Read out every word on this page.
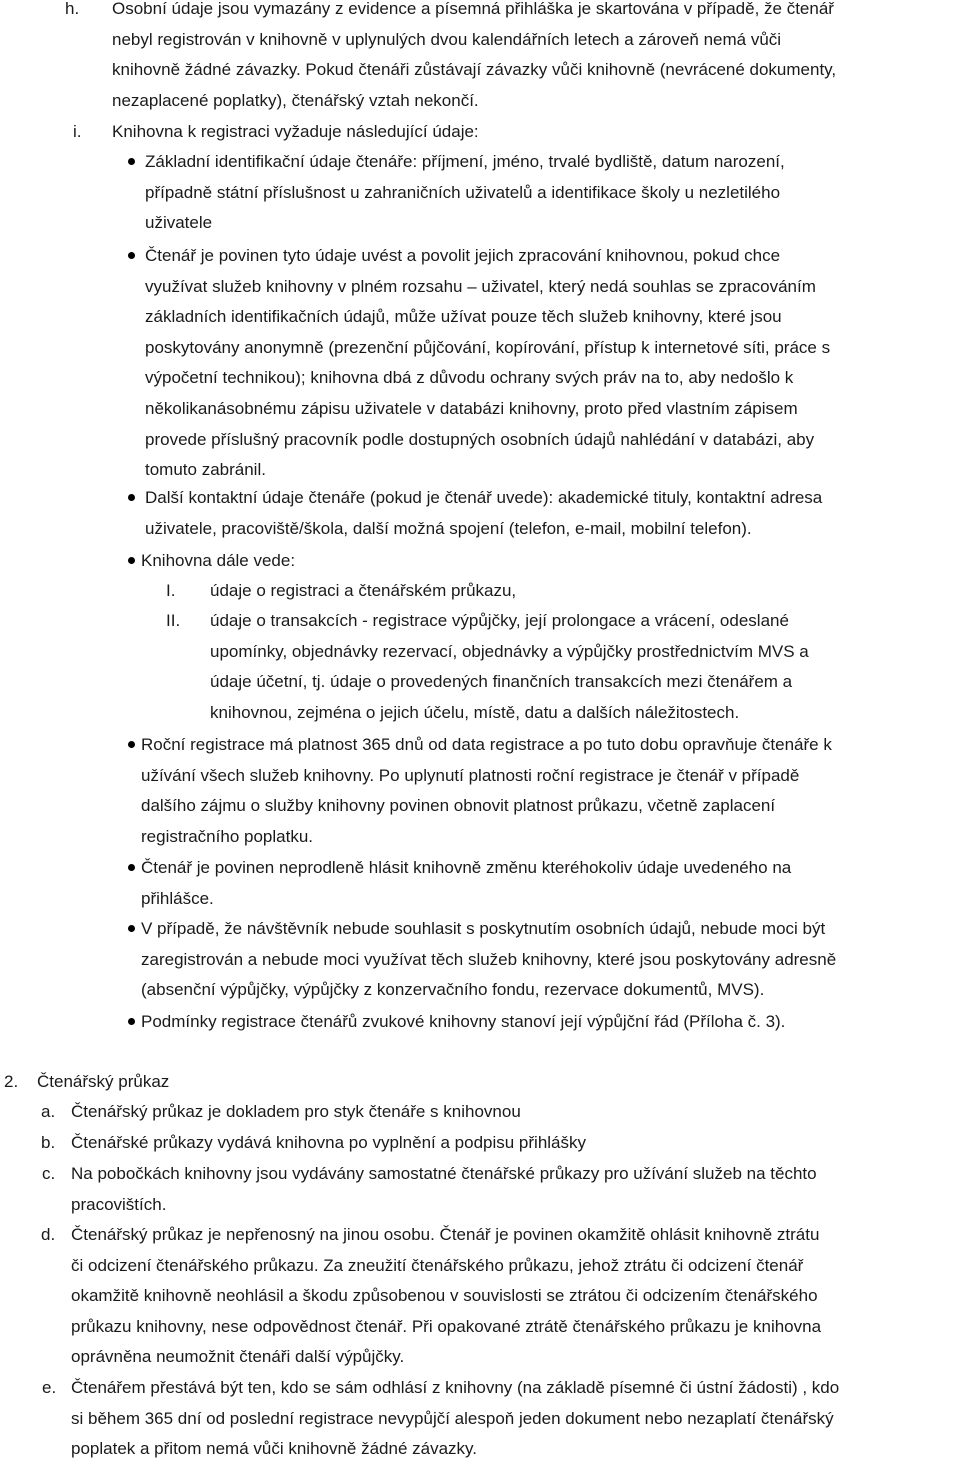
h. Osobní údaje jsou vymazány z evidence a písemná přihláška je skartována v případě, že čtenář
nebyl registrován v knihovně v uplynulých dvou kalendářních letech a zároveň nemá vůči
knihovně žádné závazky. Pokud čtenáři zůstávají závazky vůči knihovně (nevrácené dokumenty,
nezaplacené poplatky), čtenářský vztah nekončí.
i. Knihovna k registraci vyžaduje následující údaje:
Základní identifikační údaje čtenáře: příjmení, jméno, trvalé bydliště, datum narození,
případně státní příslušnost u zahraničních uživatelů a identifikace školy u nezletilého
uživatele
Čtenář je povinen tyto údaje uvést a povolit jejich zpracování knihovnou, pokud chce
využívat služeb knihovny v plném rozsahu – uživatel, který nedá souhlas se zpracováním
základních identifikačních údajů, může užívat pouze těch služeb knihovny, které jsou
poskytovány anonymně (prezenční půjčování, kopírování, přístup k internetové síti, práce s
výpočetní technikou); knihovna dbá z důvodu ochrany svých práv na to, aby nedošlo k
několikanásobnému zápisu uživatele v databázi knihovny, proto před vlastním zápisem
provede příslušný pracovník podle dostupných osobních údajů nahlédání v databázi, aby
tomuto zabránil.
Další kontaktní údaje čtenáře (pokud je čtenář uvede): akademické tituly, kontaktní adresa
uživatele, pracoviště/škola, další možná spojení (telefon, e-mail, mobilní telefon).
Knihovna dále vede:
I. údaje o registraci a čtenářském průkazu,
II. údaje o transakcích - registrace výpůjčky, její prolongace a vrácení, odeslané
upomínky, objednávky rezervací, objednávky a výpůjčky prostřednictvím MVS a
údaje účetní, tj. údaje o provedených finančních transakcích mezi čtenářem a
knihovnou, zejména o jejich účelu, místě, datu a dalších náležitostech.
Roční registrace má platnost 365 dnů od data registrace a po tuto dobu opravňuje čtenáře k
užívání všech služeb knihovny. Po uplynutí platnosti roční registrace je čtenář v případě
dalšího zájmu o služby knihovny povinen obnovit platnost průkazu, včetně zaplacení
registračního poplatku.
Čtenář je povinen neprodleně hlásit knihovně změnu kteréhokoliv údaje uvedeného na
přihlášce.
V případě, že návštěvník nebude souhlasit s poskytnutím osobních údajů, nebude moci být
zaregistrován a nebude moci využívat těch služeb knihovny, které jsou poskytovány adresně
(absenční výpůjčky, výpůjčky z konzervačního fondu, rezervace dokumentů, MVS).
Podmínky registrace čtenářů zvukové knihovny stanoví její výpůjční řád (Příloha č. 3).
2. Čtenářský průkaz
a. Čtenářský průkaz je dokladem pro styk čtenáře s knihovnou
b. Čtenářské průkazy vydává knihovna po vyplnění a podpisu přihlášky
c. Na pobočkách knihovny jsou vydávány samostatné čtenářské průkazy pro užívání služeb na těchto
pracovištích.
d. Čtenářský průkaz je nepřenosný na jinou osobu. Čtenář je povinen okamžitě ohlásit knihovně ztrátu
či odcizení čtenářského průkazu. Za zneužití čtenářského průkazu, jehož ztrátu či odcizení čtenář
okamžitě knihovně neohlásil a škodu způsobenou v souvislosti se ztrátou či odcizením čtenářského
průkazu knihovny, nese odpovědnost čtenář. Při opakované ztrátě čtenářského průkazu je knihovna
oprávněna neumožnit čtenáři další výpůjčky.
e. Čtenářem přestává být ten, kdo se sám odhlásí z knihovny (na základě písemné či ústní žádosti) , kdo
si během 365 dní od poslední registrace nevypůjčí alespoň jeden dokument nebo nezaplatí čtenářský
poplatek a přitom nemá vůči knihovně žádné závazky.
